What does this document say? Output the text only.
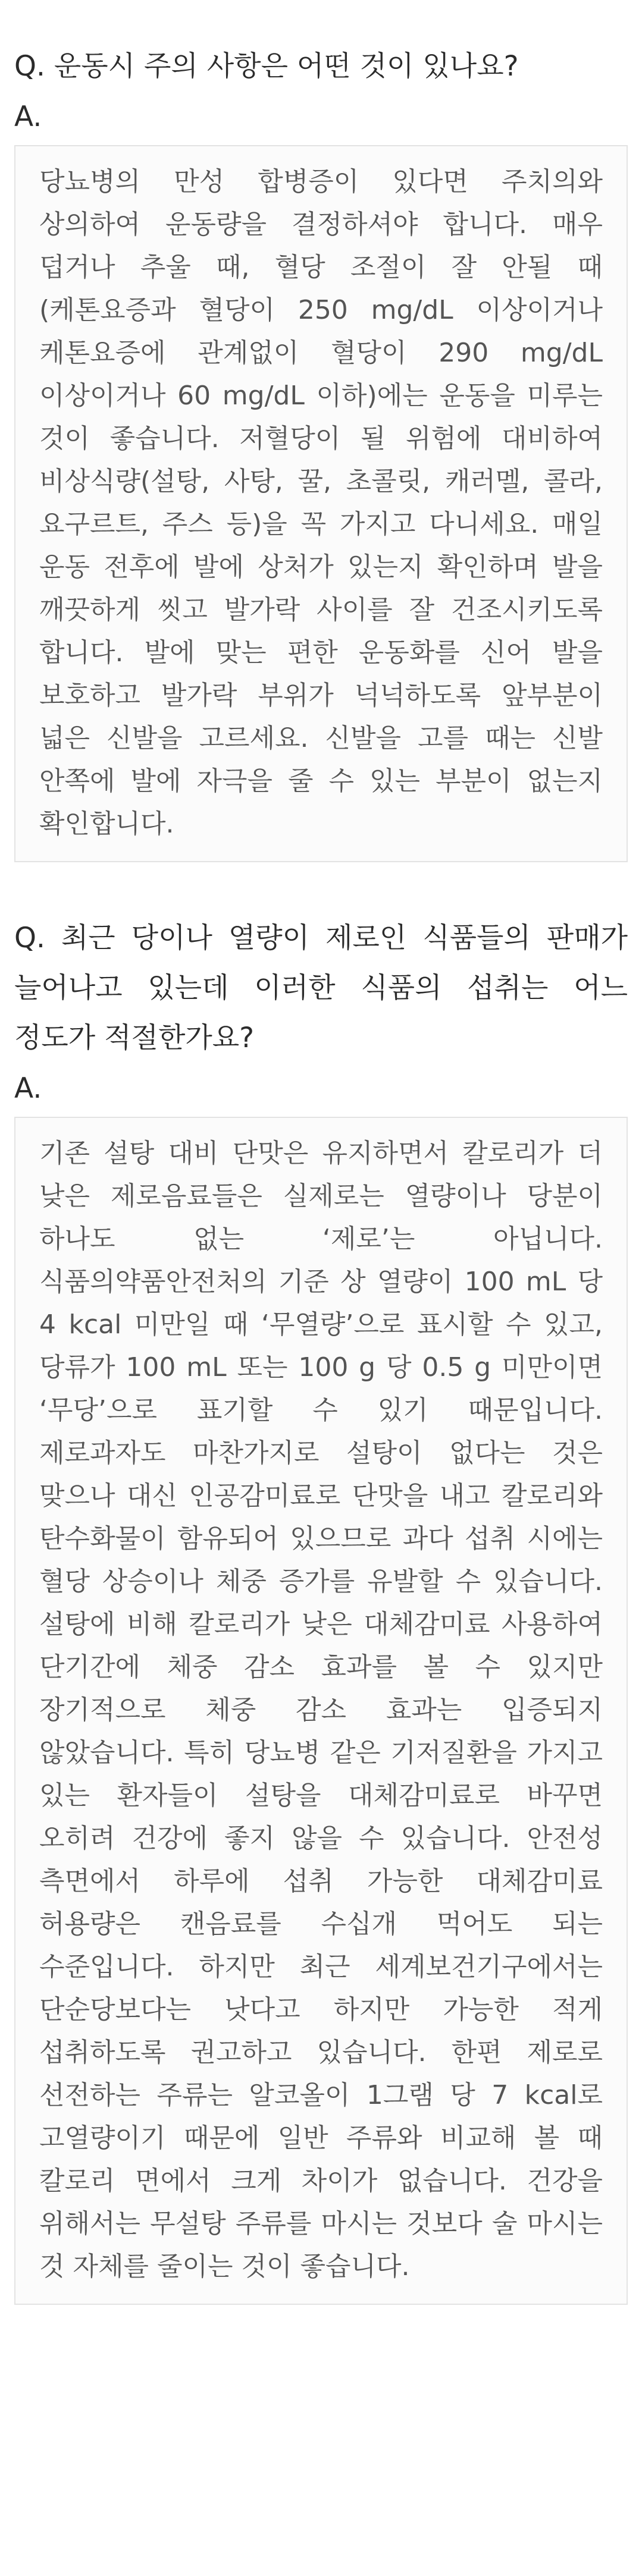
Q. 운동시 주의 사항은 어떤 것이 있나요?

A.

당뇨병의 만성 합병증이 있다면 주치의와 상의하여 운동량을 결정하셔야 합니다. 매우 덥거나 추울 때, 혈당 조절이 잘 안될 때 (케톤요증과 혈당이 250 mg/dL 이상이거나 케톤요증에 관계없이 혈당이 290 mg/dL 이상이거나 60 mg/dL 이하)에는 운동을 미루는 것이 좋습니다. 저혈당이 될 위험에 대비하여 비상식량(설탕, 사탕, 꿀, 초콜릿, 캐러멜, 콜라, 요구르트, 주스 등)을 꼭 가지고 다니세요. 매일 운동 전후에 발에 상처가 있는지 확인하며 발을 깨끗하게 씻고 발가락 사이를 잘 건조시키도록 합니다. 발에 맞는 편한 운동화를 신어 발을 보호하고 발가락 부위가 넉넉하도록 앞부분이 넓은 신발을 고르세요. 신발을 고를 때는 신발 안쪽에 발에 자극을 줄 수 있는 부분이 없는지 확인합니다.

Q. 최근 당이나 열량이 제로인 식품들의 판매가 늘어나고 있는데 이러한 식품의 섭취는 어느 정도가 적절한가요?

A.

기존 설탕 대비 단맛은 유지하면서 칼로리가 더 낮은 제로음료들은 실제로는 열량이나 당분이 하나도 없는 ‘제로’는 아닙니다. 식품의약품안전처의 기준 상 열량이 100 mL 당 4 kcal 미만일 때 ‘무열량’으로 표시할 수 있고, 당류가 100 mL 또는 100 g 당 0.5 g 미만이면 ‘무당’으로 표기할 수 있기 때문입니다. 제로과자도 마찬가지로 설탕이 없다는 것은 맞으나 대신 인공감미료로 단맛을 내고 칼로리와 탄수화물이 함유되어 있으므로 과다 섭취 시에는 혈당 상승이나 체중 증가를 유발할 수 있습니다. 설탕에 비해 칼로리가 낮은 대체감미료 사용하여 단기간에 체중 감소 효과를 볼 수 있지만 장기적으로 체중 감소 효과는 입증되지 않았습니다. 특히 당뇨병 같은 기저질환을 가지고 있는 환자들이 설탕을 대체감미료로 바꾸면 오히려 건강에 좋지 않을 수 있습니다. 안전성 측면에서 하루에 섭취 가능한 대체감미료 허용량은 캔음료를 수십개 먹어도 되는 수준입니다. 하지만 최근 세계보건기구에서는 단순당보다는 낫다고 하지만 가능한 적게 섭취하도록 권고하고 있습니다. 한편 제로로 선전하는 주류는 알코올이 1그램 당 7 kcal로 고열량이기 때문에 일반 주류와 비교해 볼 때 칼로리 면에서 크게 차이가 없습니다. 건강을 위해서는 무설탕 주류를 마시는 것보다 술 마시는 것 자체를 줄이는 것이 좋습니다.
